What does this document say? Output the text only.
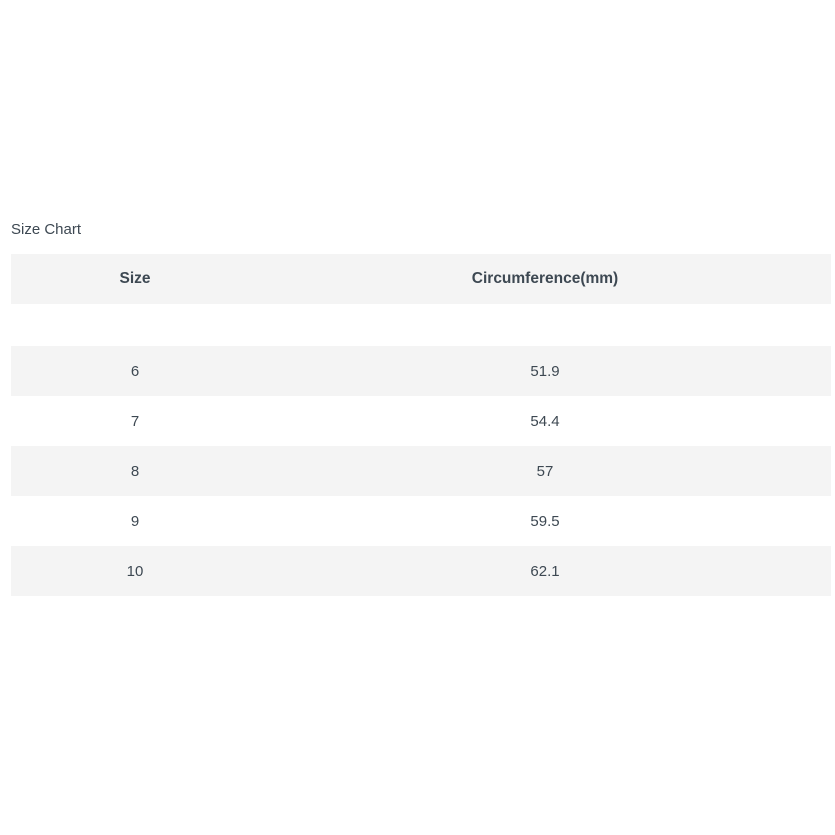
Size Chart
Size	Circumference(mm)

6	51.9
7	54.4
8	57
9	59.5
10	62.1
